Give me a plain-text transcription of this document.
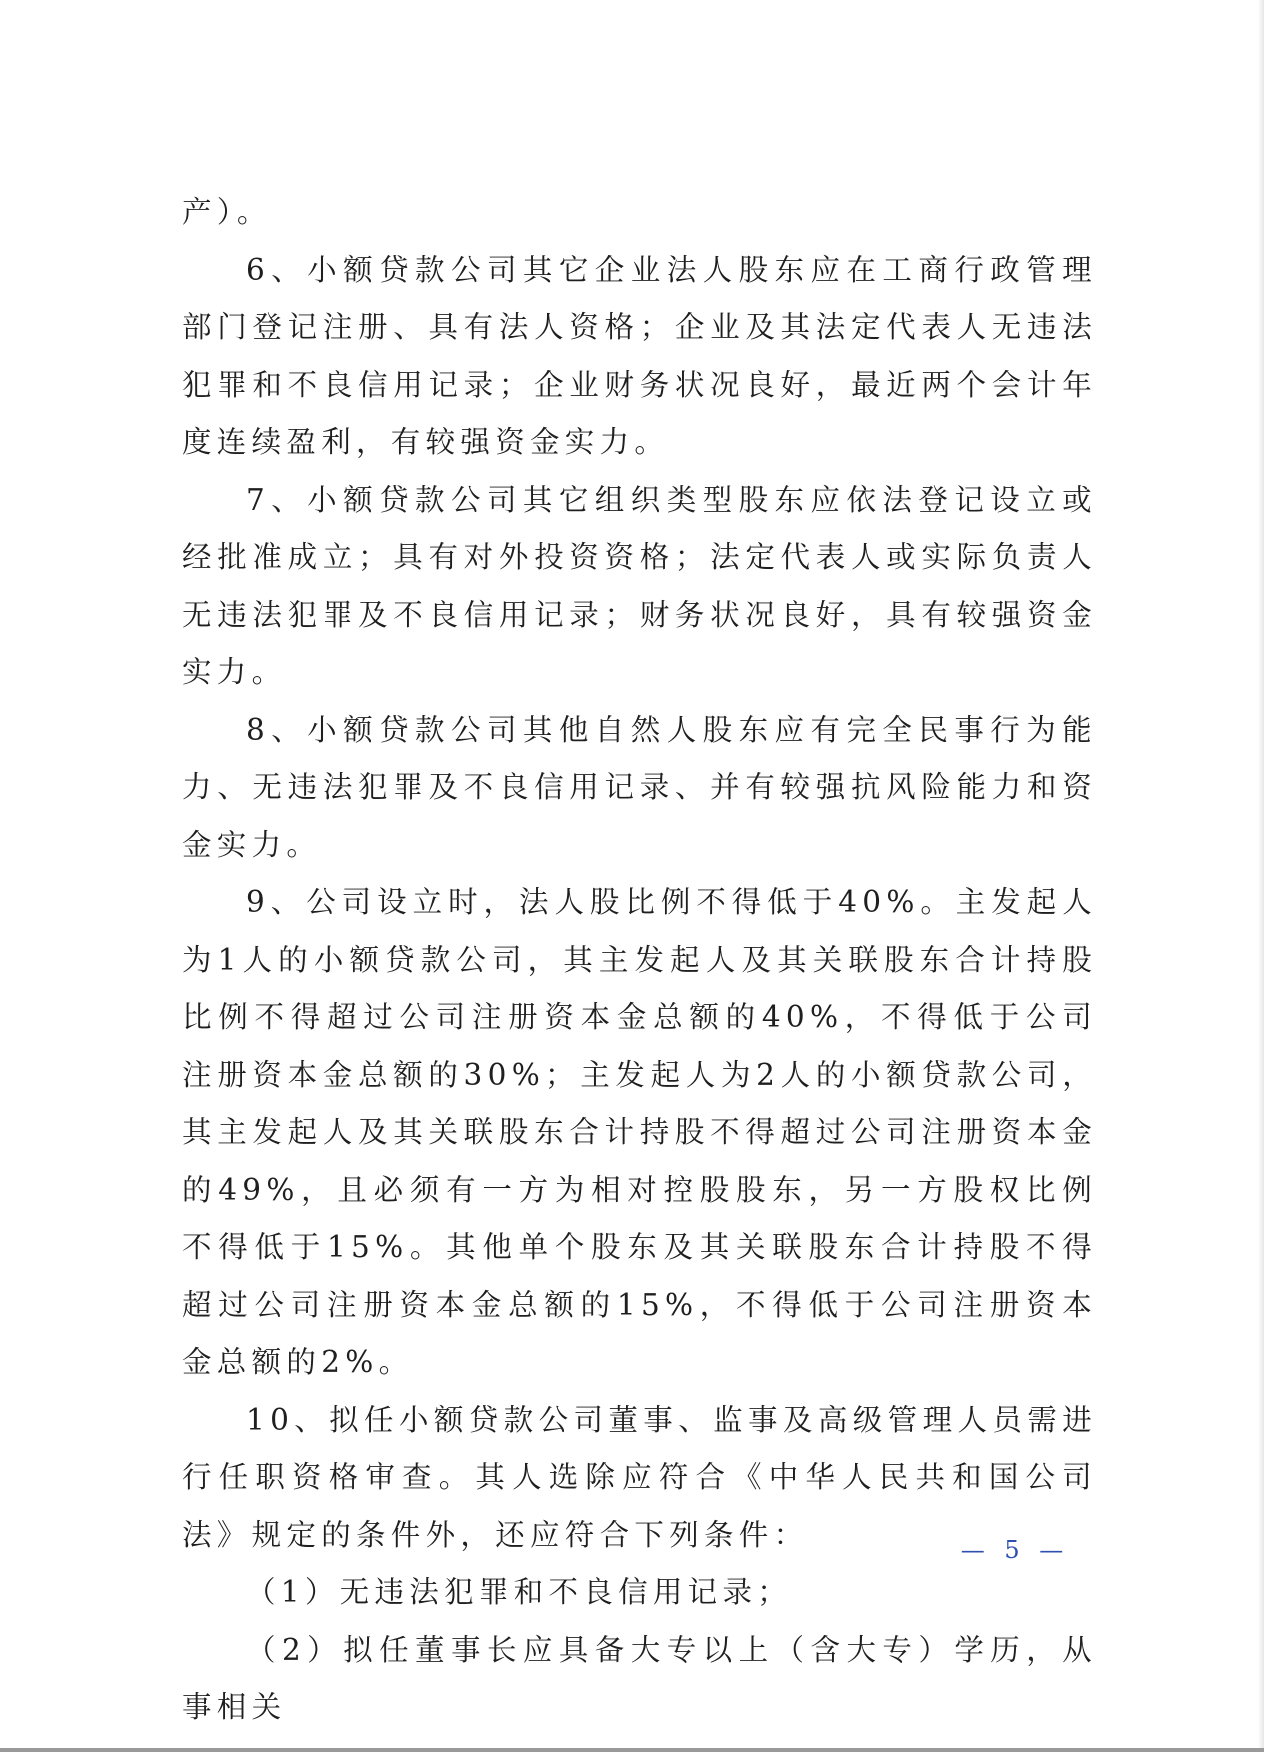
产）。

6、小额贷款公司其它企业法人股东应在工商行政管理部门登记注册、具有法人资格；企业及其法定代表人无违法犯罪和不良信用记录；企业财务状况良好，最近两个会计年度连续盈利，有较强资金实力。

7、小额贷款公司其它组织类型股东应依法登记设立或经批准成立；具有对外投资资格；法定代表人或实际负责人无违法犯罪及不良信用记录；财务状况良好，具有较强资金实力。

8、小额贷款公司其他自然人股东应有完全民事行为能力、无违法犯罪及不良信用记录、并有较强抗风险能力和资金实力。

9、公司设立时，法人股比例不得低于40%。主发起人为1人的小额贷款公司，其主发起人及其关联股东合计持股比例不得超过公司注册资本金总额的40%，不得低于公司注册资本金总额的30%；主发起人为2人的小额贷款公司，其主发起人及其关联股东合计持股不得超过公司注册资本金的49%，且必须有一方为相对控股股东，另一方股权比例不得低于15%。其他单个股东及其关联股东合计持股不得超过公司注册资本金总额的15%，不得低于公司注册资本金总额的2%。

10、拟任小额贷款公司董事、监事及高级管理人员需进行任职资格审查。其人选除应符合《中华人民共和国公司法》规定的条件外，还应符合下列条件：

（1）无违法犯罪和不良信用记录；

（2）拟任董事长应具备大专以上（含大专）学历，从事相关

— 5 —
